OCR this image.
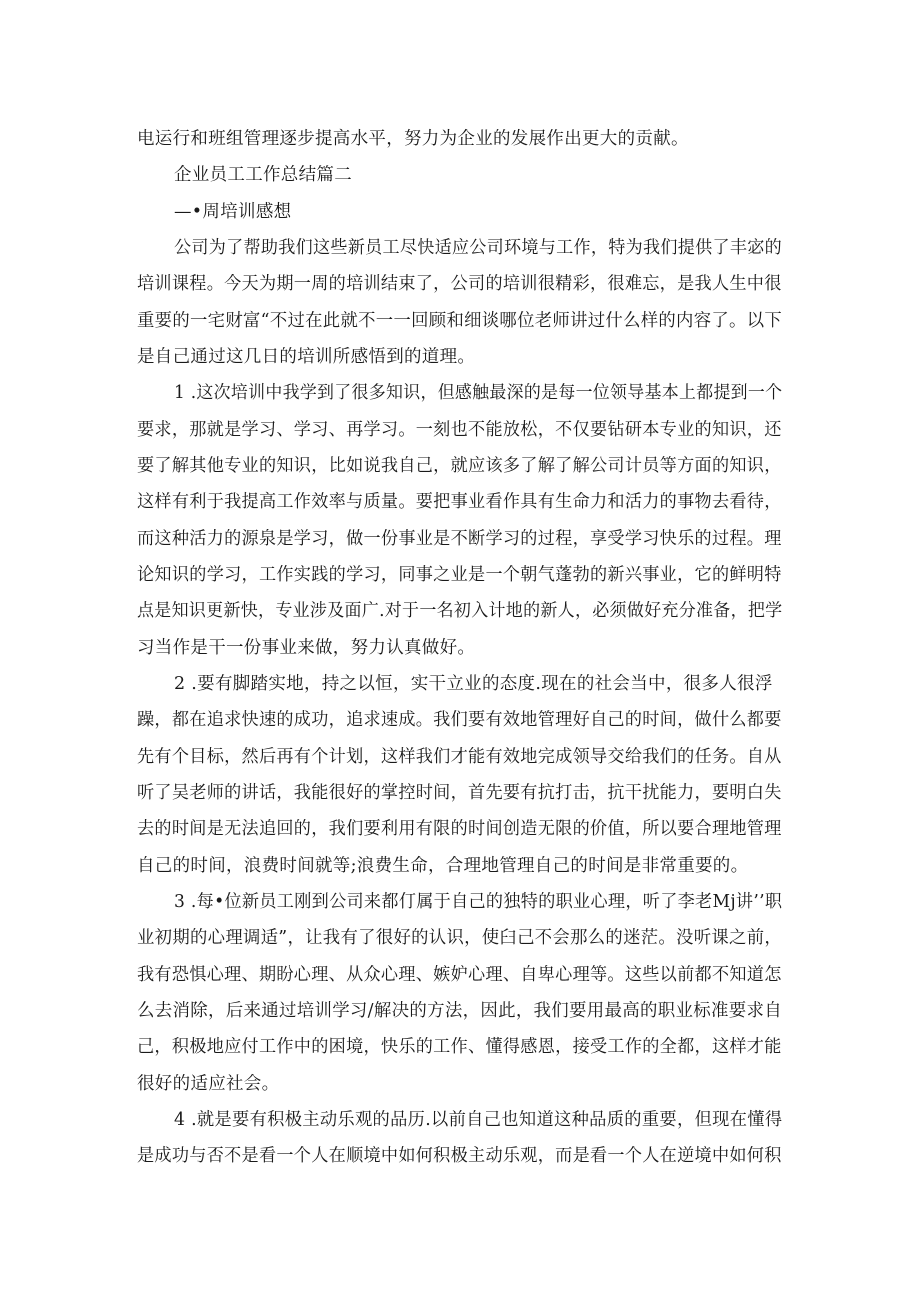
电运行和班组管理逐步提高水平，努力为企业的发展作出更大的贡献。
企业员工工作总结篇二
—•周培训感想
公司为了帮助我们这些新员工尽快适应公司环境与工作，特为我们提供了丰宓的
培训课程。今天为期一周的培训结束了，公司的培训很精彩，很难忘，是我人生中很
重要的一宅财富“不过在此就不一一回顾和细谈哪位老师讲过什么样的内容了。以下
是自己通过这几日的培训所感悟到的道理。
1 .这次培训中我学到了很多知识，但感触最深的是每一位领导基本上都提到一个
要求，那就是学习、学习、再学习。一刻也不能放松，不仅要钻研本专业的知识，还
要了解其他专业的知识，比如说我自己，就应该多了解了解公司计员等方面的知识，
这样有利于我提高工作效率与质量。要把事业看作具有生命力和活力的事物去看待，
而这种活力的源泉是学习，做一份事业是不断学习的过程，享受学习快乐的过程。理
论知识的学习，工作实践的学习，同事之业是一个朝气蓬勃的新兴事业，它的鲜明特
点是知识更新快，专业涉及面广.对于一名初入计地的新人，必须做好充分准备，把学
习当作是干一份事业来做，努力认真做好。
2 .要有脚踏实地，持之以恒，实干立业的态度.现在的社会当中，很多人很浮
躁，都在追求快速的成功，追求速成。我们要有效地管理好自己的时间，做什么都要
先有个目标，然后再有个计划，这样我们才能有效地完成领导交给我们的任务。自从
听了吴老师的讲话，我能很好的掌控时间，首先要有抗打击，抗干扰能力，要明白失
去的时间是无法追回的，我们要利用有限的时间创造无限的价值，所以要合理地管理
自己的时间，浪费时间就等;浪费生命，合理地管理自己的时间是非常重要的。
3 .每•位新员工刚到公司来都仃属于自己的独特的职业心理，听了李老Mj讲’’职
业初期的心理调适”，让我有了很好的认识，使臼己不会那么的迷茫。没听课之前，
我有恐惧心理、期盼心理、从众心理、嫉妒心理、自卑心理等。这些以前都不知道怎
么去消除，后来通过培训学习/解决的方法，因此，我们要用最高的职业标准要求自
己，积极地应付工作中的困境，快乐的工作、懂得感恩，接受工作的全都，这样才能
很好的适应社会。
4 .就是要有积极主动乐观的品历.以前自己也知道这种品质的重要，但现在懂得
是成功与否不是看一个人在顺境中如何积极主动乐观，而是看一个人在逆境中如何积
